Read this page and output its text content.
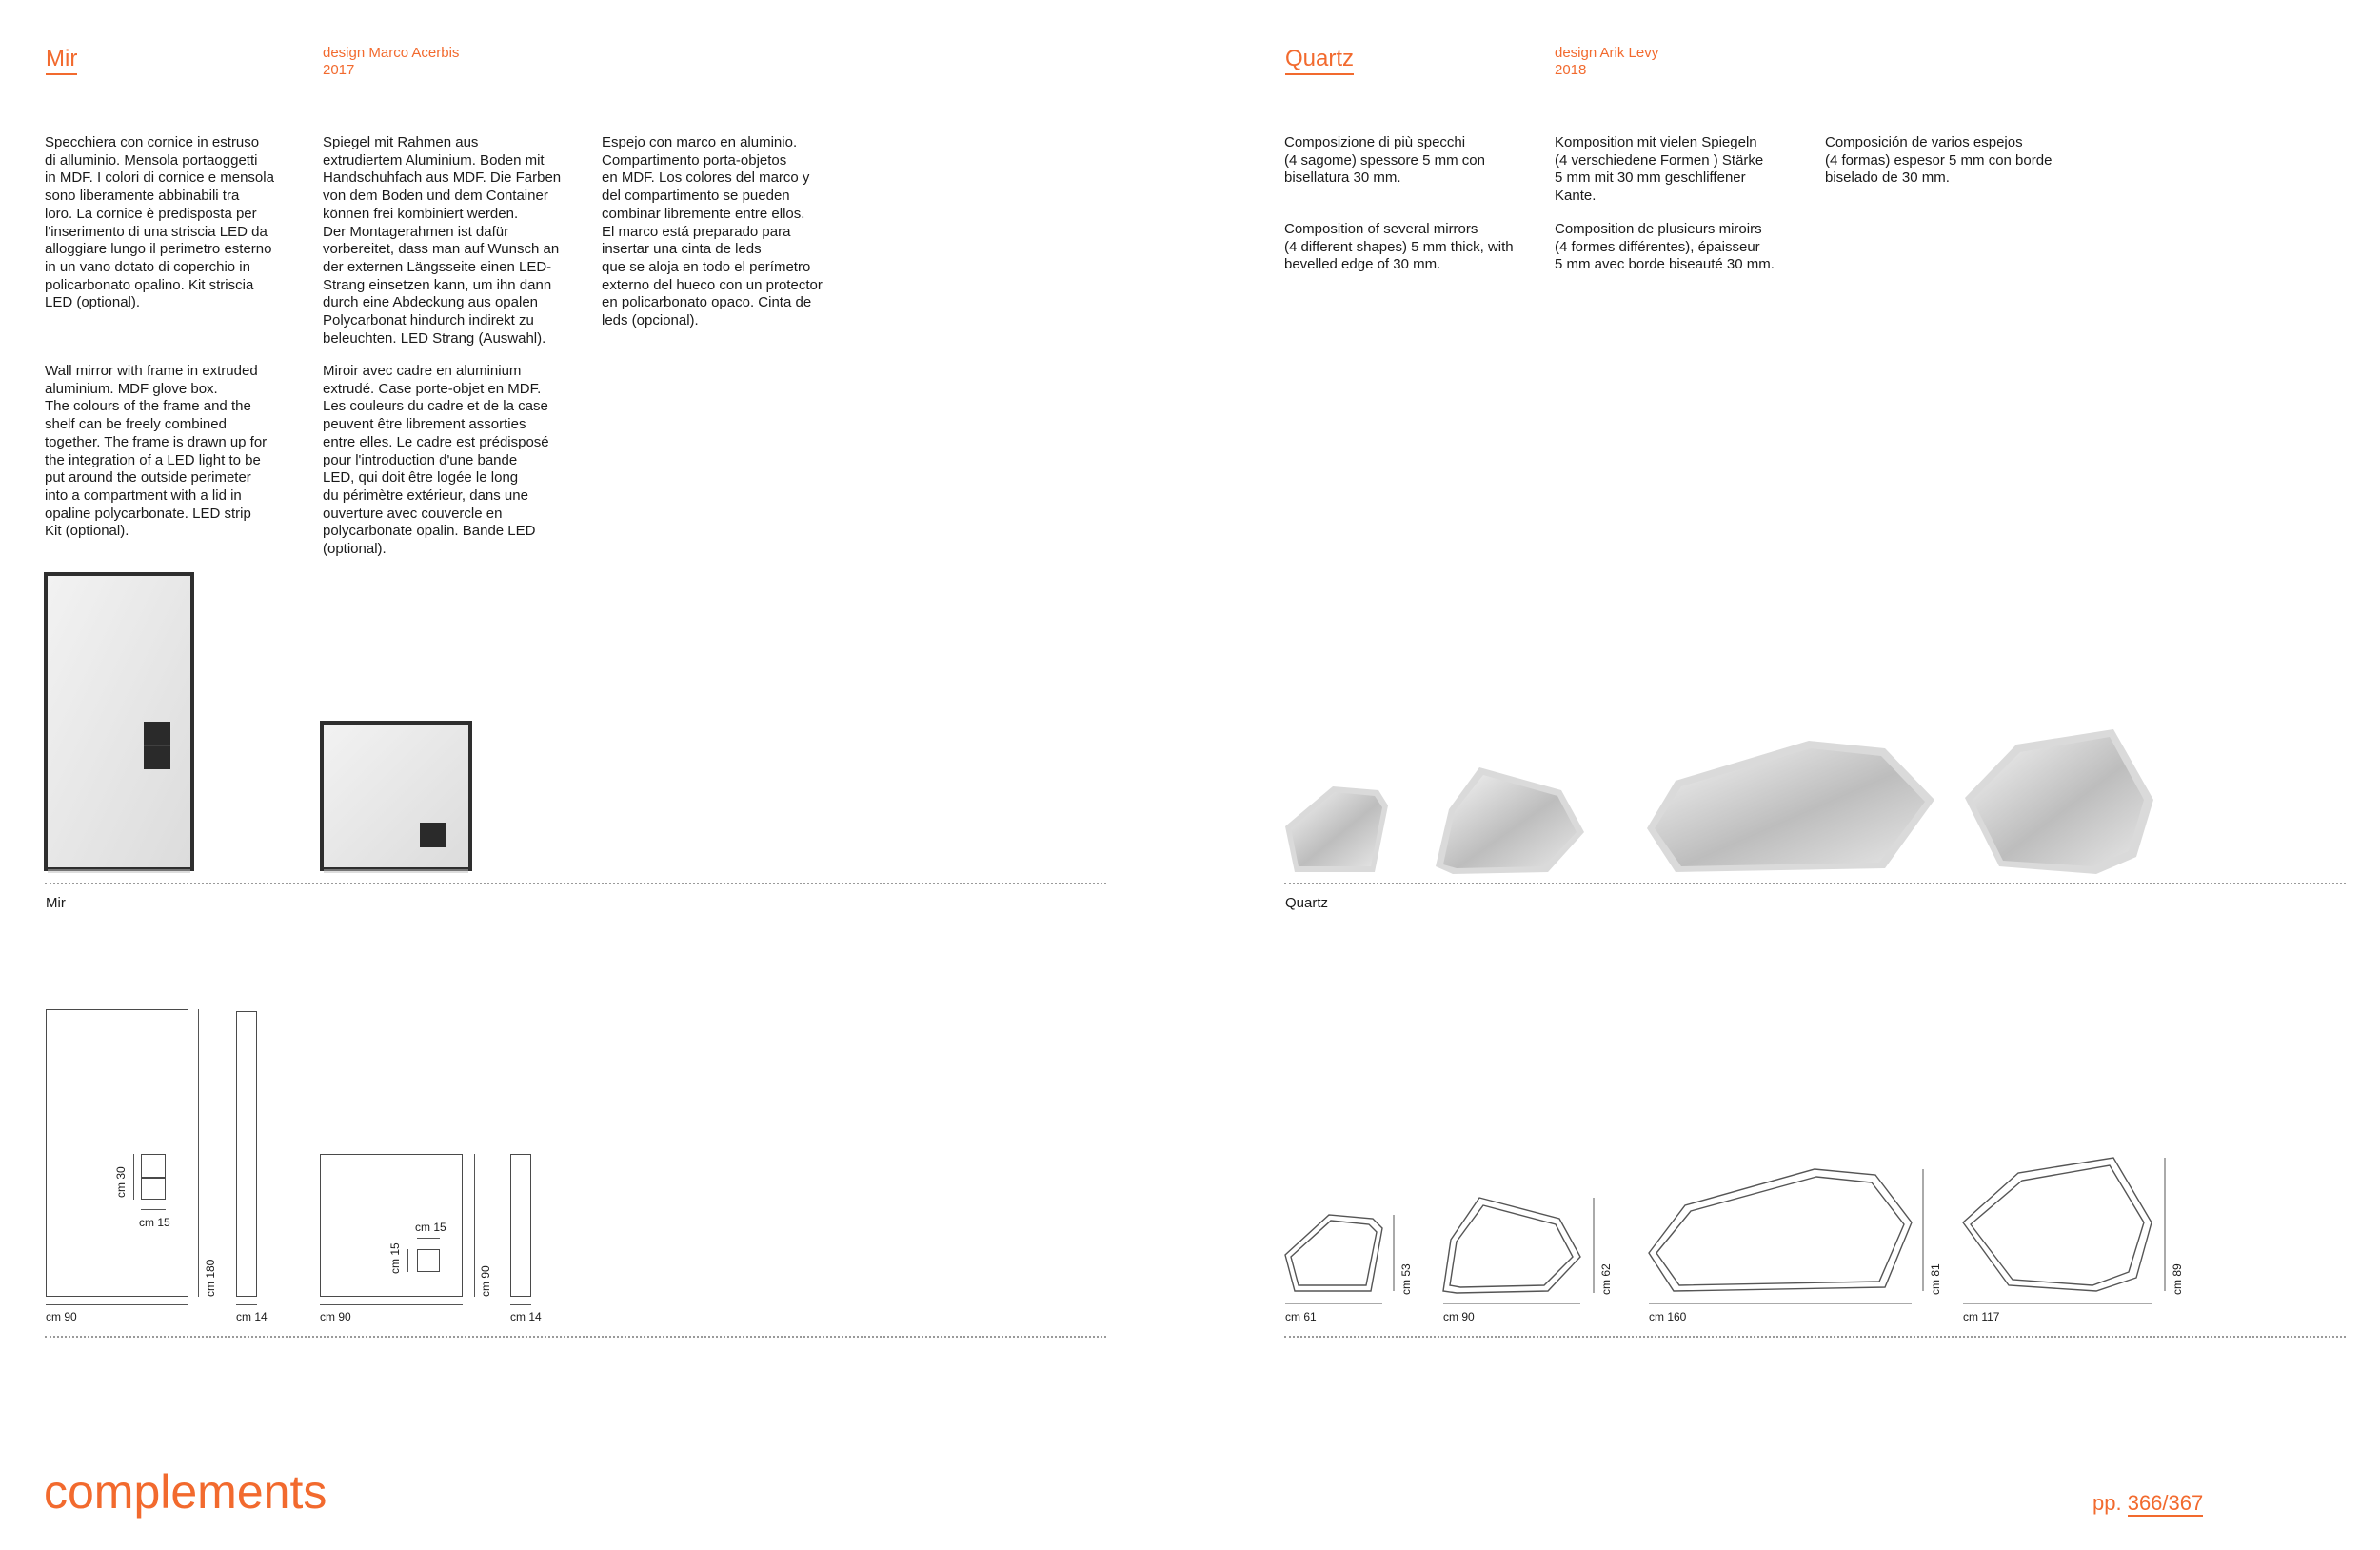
Mir	design Marco Acerbis
2017
Specchiera con cornice in estruso
di alluminio. Mensola portaoggetti
in MDF. I colori di cornice e mensola
sono liberamente abbinabili tra
loro. La cornice è predisposta per
l'inserimento di una striscia LED da
alloggiare lungo il perimetro esterno
in un vano dotato di coperchio in
policarbonato opalino. Kit striscia
LED (optional).
Spiegel mit Rahmen aus
extrudiertem Aluminium. Boden mit
Handschuhfach aus MDF. Die Farben
von dem Boden und dem Container
können frei kombiniert werden.
Der Montagerahmen ist dafür
vorbereitet, dass man auf Wunsch an
der externen Längsseite einen LED-
Strang einsetzen kann, um ihn dann
durch eine Abdeckung aus opalen
Polycarbonat hindurch indirekt zu
beleuchten. LED Strang (Auswahl).
Espejo con marco en aluminio.
Compartimento porta-objetos
en MDF. Los colores del marco y
del compartimento se pueden
combinar libremente entre ellos.
El marco está preparado para
insertar una cinta de leds
que se aloja en todo el perímetro
externo del hueco con un protector
en policarbonato opaco. Cinta de
leds (opcional).
Wall mirror with frame in extruded
aluminium. MDF glove box.
The colours of the frame and the
shelf can be freely combined
together. The frame is drawn up for
the integration of a LED light to be
put around the outside perimeter
into a compartment with a lid in
opaline polycarbonate. LED strip
Kit (optional).
Miroir avec cadre en aluminium
extrudé. Case porte-objet en MDF.
Les couleurs du cadre et de la case
peuvent être librement assorties
entre elles. Le cadre est prédisposé
pour l'introduction d'une bande
LED, qui doit être logée le long
du périmètre extérieur, dans une
ouverture avec couvercle en
polycarbonate opalin. Bande LED
(optional).
Mir
cm 30
cm 15
cm 180
cm 90	cm 14
cm 15
cm 15
cm 90
cm 90	cm 14
Quartz	design Arik Levy
2018
Composizione di più specchi
(4 sagome) spessore 5 mm con
bisellatura 30 mm.
Komposition mit vielen Spiegeln
(4 verschiedene Formen ) Stärke
5 mm mit 30 mm geschliffener
Kante.
Composición de varios espejos
(4 formas) espesor 5 mm con borde
biselado de 30 mm.
Composition of several mirrors
(4 different shapes) 5 mm thick, with
bevelled edge of 30 mm.
Composition de plusieurs miroirs
(4 formes différentes), épaisseur
5 mm avec borde biseauté 30 mm.
Quartz
cm 61
cm 53
cm 90
cm 62
cm 160
cm 81
cm 117
cm 89
complements	pp. 366/367
